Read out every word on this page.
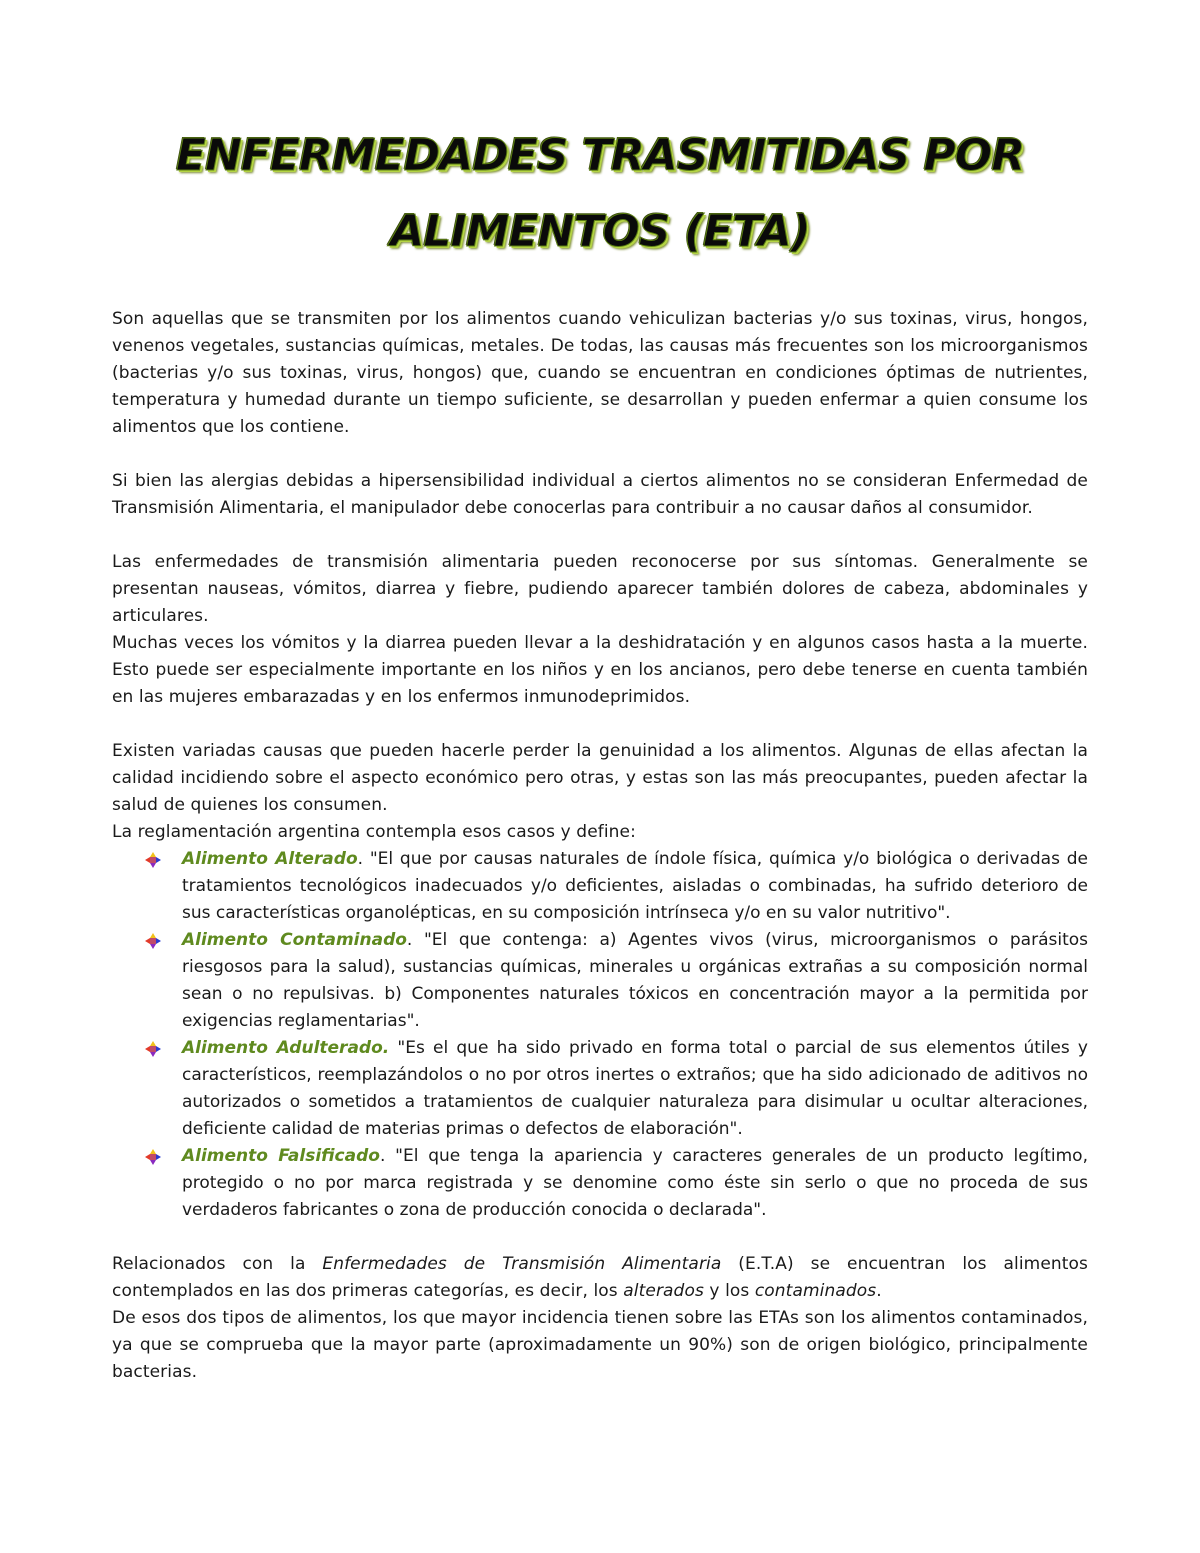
ENFERMEDADES TRASMITIDAS POR
ALIMENTOS (ETA)

Son aquellas que se transmiten por los alimentos cuando vehiculizan bacterias y/o sus toxinas, virus, hongos, venenos vegetales, sustancias químicas, metales. De todas, las causas más frecuentes son los microorganismos (bacterias y/o sus toxinas, virus, hongos) que, cuando se encuentran en condiciones óptimas de nutrientes, temperatura y humedad durante un tiempo suficiente, se desarrollan y pueden enfermar a quien consume los alimentos que los contiene.

Si bien las alergias debidas a hipersensibilidad individual a ciertos alimentos no se consideran Enfermedad de Transmisión Alimentaria, el manipulador debe conocerlas para contribuir a no causar daños al consumidor.

Las enfermedades de transmisión alimentaria pueden reconocerse por sus síntomas. Generalmente se presentan nauseas, vómitos, diarrea y fiebre, pudiendo aparecer también dolores de cabeza, abdominales y articulares.

Muchas veces los vómitos y la diarrea pueden llevar a la deshidratación y en algunos casos hasta a la muerte. Esto puede ser especialmente importante en los niños y en los ancianos, pero debe tenerse en cuenta también en las mujeres embarazadas y en los enfermos inmunodeprimidos.

Existen variadas causas que pueden hacerle perder la genuinidad a los alimentos. Algunas de ellas afectan la calidad incidiendo sobre el aspecto económico pero otras, y estas son las más preocupantes, pueden afectar la salud de quienes los consumen.

La reglamentación argentina contempla esos casos y define:

Alimento Alterado. "El que por causas naturales de índole física, química y/o biológica o derivadas de tratamientos tecnológicos inadecuados y/o deficientes, aisladas o combinadas, ha sufrido deterioro de sus características organolépticas, en su composición intrínseca y/o en su valor nutritivo".
Alimento Contaminado. "El que contenga: a) Agentes vivos (virus, microorganismos o parásitos riesgosos para la salud), sustancias químicas, minerales u orgánicas extrañas a su composición normal sean o no repulsivas. b) Componentes naturales tóxicos en concentración mayor a la permitida por exigencias reglamentarias".
Alimento Adulterado. "Es el que ha sido privado en forma total o parcial de sus elementos útiles y característicos, reemplazándolos o no por otros inertes o extraños; que ha sido adicionado de aditivos no autorizados o sometidos a tratamientos de cualquier naturaleza para disimular u ocultar alteraciones, deficiente calidad de materias primas o defectos de elaboración".
Alimento Falsificado. "El que tenga la apariencia y caracteres generales de un producto legítimo, protegido o no por marca registrada y se denomine como éste sin serlo o que no proceda de sus verdaderos fabricantes o zona de producción conocida o declarada".

Relacionados con la Enfermedades de Transmisión Alimentaria (E.T.A) se encuentran los alimentos contemplados en las dos primeras categorías, es decir, los alterados y los contaminados.

De esos dos tipos de alimentos, los que mayor incidencia tienen sobre las ETAs son los alimentos contaminados, ya que se comprueba que la mayor parte (aproximadamente un 90%) son de origen biológico, principalmente bacterias.
